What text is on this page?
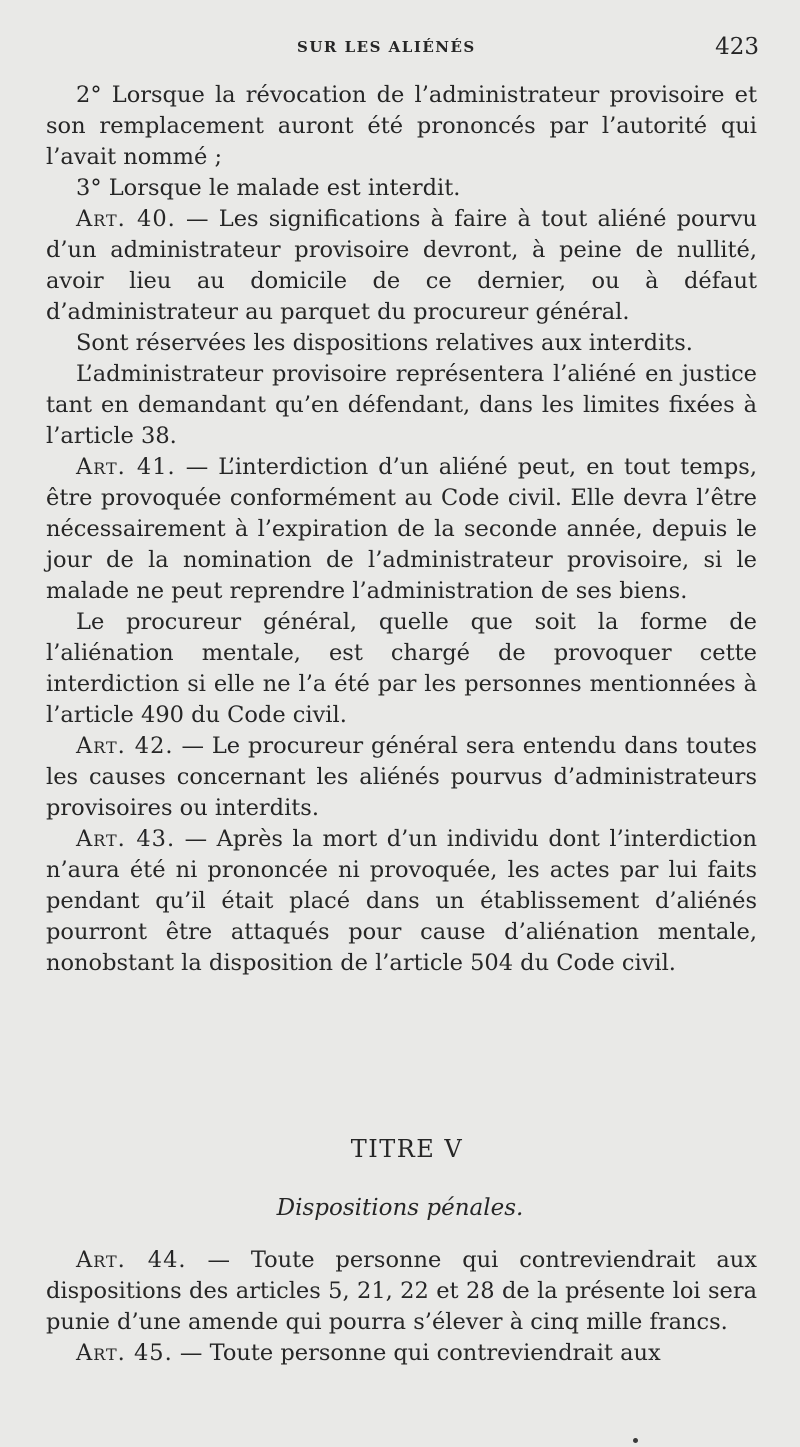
SUR LES ALIÉNÉS	423

2° Lorsque la révocation de l’administrateur provisoire et son remplacement auront été prononcés par l’autorité qui l’avait nommé ;

3° Lorsque le malade est interdit.

Art. 40. — Les significations à faire à tout aliéné pourvu d’un administrateur provisoire devront, à peine de nullité, avoir lieu au domicile de ce dernier, ou à défaut d’administrateur au parquet du procureur général.

Sont réservées les dispositions relatives aux interdits.

L’administrateur provisoire représentera l’aliéné en justice tant en demandant qu’en défendant, dans les limites fixées à l’article 38.

Art. 41. — L’interdiction d’un aliéné peut, en tout temps, être provoquée conformément au Code civil. Elle devra l’être nécessairement à l’expiration de la seconde année, depuis le jour de la nomination de l’administrateur provisoire, si le malade ne peut reprendre l’administration de ses biens.

Le procureur général, quelle que soit la forme de l’aliénation mentale, est chargé de provoquer cette interdiction si elle ne l’a été par les personnes mentionnées à l’article 490 du Code civil.

Art. 42. — Le procureur général sera entendu dans toutes les causes concernant les aliénés pourvus d’administrateurs provisoires ou interdits.

Art. 43. — Après la mort d’un individu dont l’interdiction n’aura été ni prononcée ni provoquée, les actes par lui faits pendant qu’il était placé dans un établissement d’aliénés pourront être attaqués pour cause d’aliénation mentale, nonobstant la disposition de l’article 504 du Code civil.

TITRE V
Dispositions pénales.

Art. 44. — Toute personne qui contreviendrait aux dispositions des articles 5, 21, 22 et 28 de la présente loi sera punie d’une amende qui pourra s’élever à cinq mille francs.

Art. 45. — Toute personne qui contreviendrait aux
